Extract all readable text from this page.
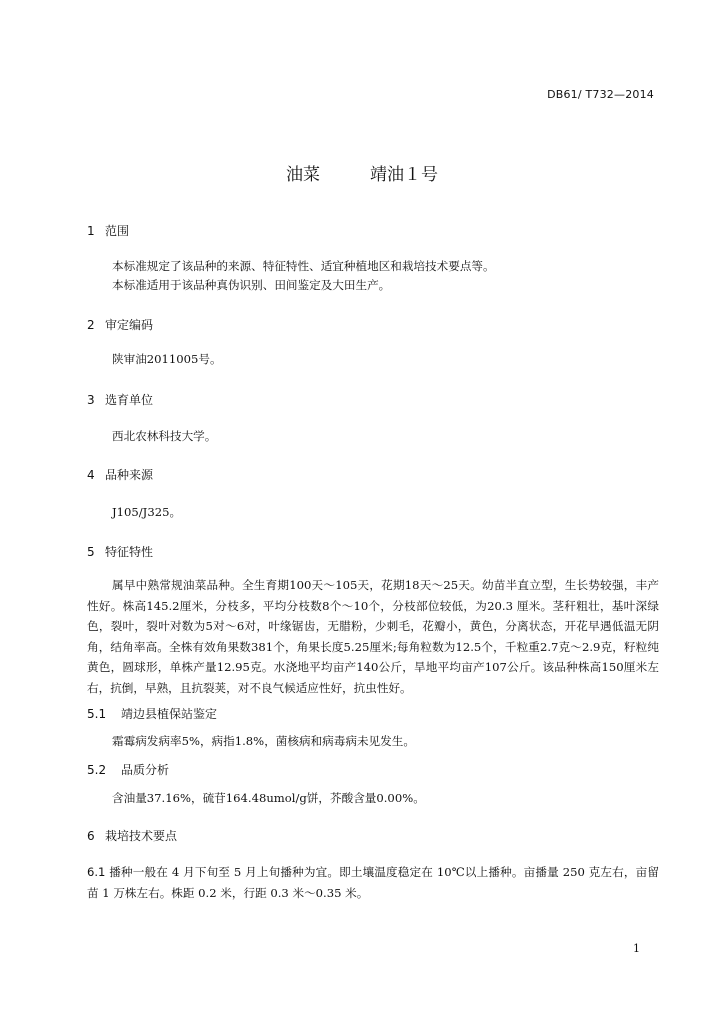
DB61/ T732—2014
油菜	靖油１号
1 范围
本标准规定了该品种的来源、特征特性、适宜种植地区和栽培技术要点等。
本标准适用于该品种真伪识别、田间鉴定及大田生产。
2 审定编码
陕审油2011005号。
3 选育单位
西北农林科技大学。
4 品种来源
J105/J325。
5 特征特性
属早中熟常规油菜品种。全生育期100天～105天，花期18天～25天。幼苗半直立型，生长势较强，丰产性好。株高145.2厘米，分枝多，平均分枝数8个～10个，分枝部位较低，为20.3 厘米。茎秆粗壮，基叶深绿色，裂叶，裂叶对数为5对～6对，叶缘锯齿，无腊粉，少刺毛，花瓣小，黄色，分离状态，开花早遇低温无阴角，结角率高。全株有效角果数381个，角果长度5.25厘米;每角粒数为12.5个，千粒重2.7克～2.9克，籽粒纯黄色，圆球形，单株产量12.95克。水浇地平均亩产140公斤，旱地平均亩产107公斤。该品种株高150厘米左右，抗倒，早熟，且抗裂荚，对不良气候适应性好，抗虫性好。
5.1 靖边县植保站鉴定
霜霉病发病率5%，病指1.8%，菌核病和病毒病未见发生。
5.2 品质分析
含油量37.16%，硫苷164.48umol/g饼，芥酸含量0.00%。
6 栽培技术要点
6.1 播种一般在 4 月下旬至 5 月上旬播种为宜。即土壤温度稳定在 10℃以上播种。亩播量 250 克左右，亩留苗 1 万株左右。株距 0.2 米，行距 0.3 米～0.35 米。
1
